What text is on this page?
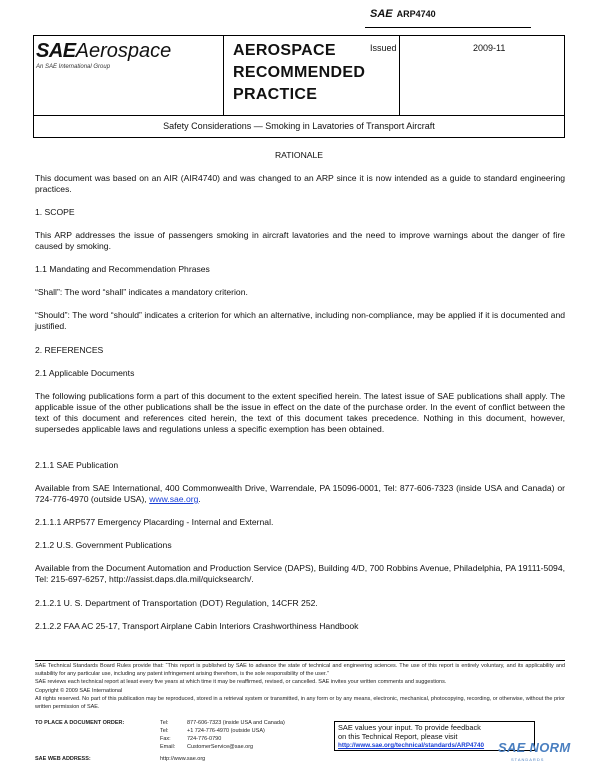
SAEAerospace
An SAE International Group
AEROSPACE
RECOMMENDED
PRACTICE
SAE ARP4740
Issued	2009-11
Safety Considerations — Smoking in Lavatories of Transport Aircraft
RATIONALE
This document was based on an AIR (AIR4740) and was changed to an ARP since it is now intended as a guide to standard engineering practices.
1. SCOPE
This ARP addresses the issue of passengers smoking in aircraft lavatories and the need to improve warnings about the danger of fire caused by smoking.
1.1 Mandating and Recommendation Phrases
“Shall”: The word “shall” indicates a mandatory criterion.
“Should”: The word “should” indicates a criterion for which an alternative, including non-compliance, may be applied if it is documented and justified.
2. REFERENCES
2.1 Applicable Documents
The following publications form a part of this document to the extent specified herein. The latest issue of SAE publications shall apply. The applicable issue of the other publications shall be the issue in effect on the date of the purchase order. In the event of conflict between the text of this document and references cited herein, the text of this document takes precedence. Nothing in this document, however, supersedes applicable laws and regulations unless a specific exemption has been obtained.
2.1.1 SAE Publication
Available from SAE International, 400 Commonwealth Drive, Warrendale, PA 15096-0001, Tel: 877-606-7323 (inside USA and Canada) or 724-776-4970 (outside USA), www.sae.org.
2.1.1.1 ARP577 Emergency Placarding - Internal and External.
2.1.2 U.S. Government Publications
Available from the Document Automation and Production Service (DAPS), Building 4/D, 700 Robbins Avenue, Philadelphia, PA 19111-5094, Tel: 215-697-6257, http://assist.daps.dla.mil/quicksearch/.
2.1.2.1 U. S. Department of Transportation (DOT) Regulation, 14CFR 252.
2.1.2.2 FAA AC 25-17, Transport Airplane Cabin Interiors Crashworthiness Handbook
SAE Technical Standards Board Rules provide that: “This report is published by SAE to advance the state of technical and engineering sciences. The use of this report is entirely voluntary, and its applicability and suitability for any particular use, including any patent infringement arising therefrom, is the sole responsibility of the user.”
SAE reviews each technical report at least every five years at which time it may be reaffirmed, revised, or cancelled. SAE invites your written comments and suggestions.
Copyright © 2009 SAE International
All rights reserved. No part of this publication may be reproduced, stored in a retrieval system or transmitted, in any form or by any means, electronic, mechanical, photocopying, recording, or otherwise, without the prior written permission of SAE.
TO PLACE A DOCUMENT ORDER:	Tel:	877-606-7323 (inside USA and Canada)
Tel:	+1 724-776-4970 (outside USA)
Fax:	724-776-0790
Email: CustomerService@sae.org
SAE WEB ADDRESS:	http://www.sae.org
SAE values your input. To provide feedback
on this Technical Report, please visit
http://www.sae.org/technical/standards/ARP4740	SAE NORM
STANDARDS
